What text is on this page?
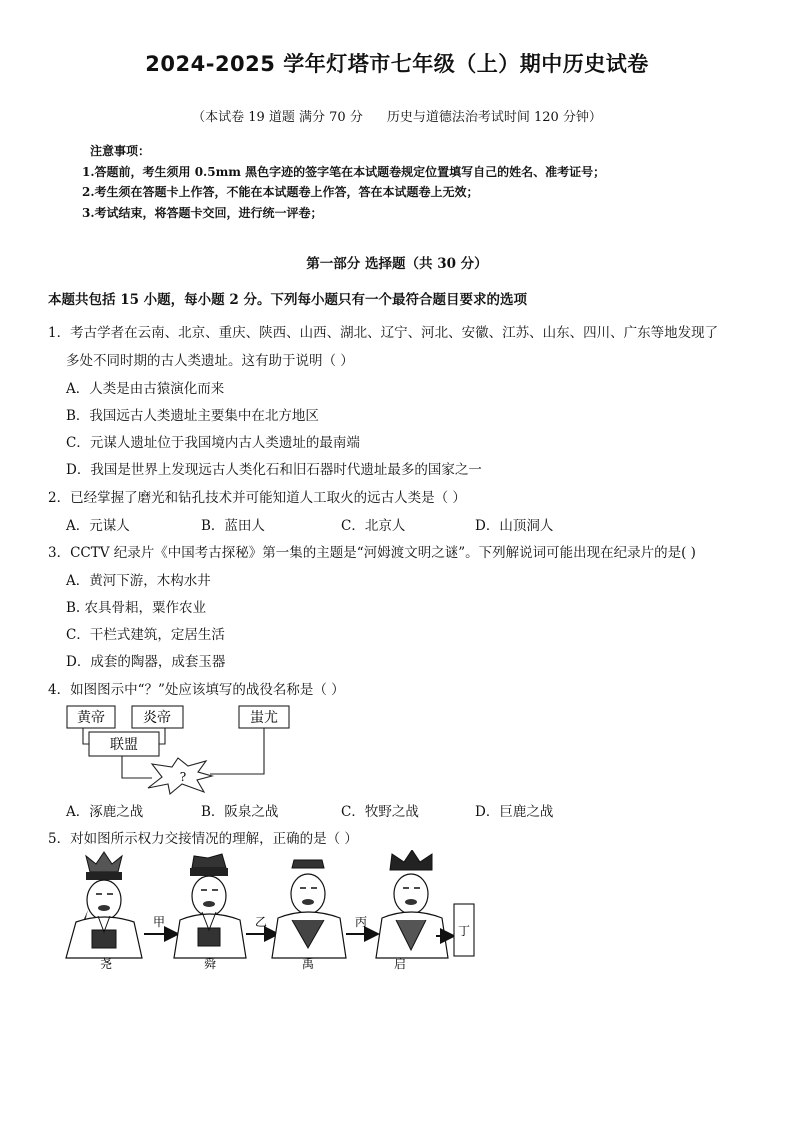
2024-2025 学年灯塔市七年级（上）期中历史试卷
（本试卷 19 道题 满分 70 分 历史与道德法治考试时间 120 分钟）
注意事项：
1.答题前，考生须用 0.5mm 黑色字迹的签字笔在本试题卷规定位置填写自己的姓名、准考证号；
2.考生须在答题卡上作答，不能在本试题卷上作答，答在本试题卷上无效；
3.考试结束，将答题卡交回，进行统一评卷；
第一部分 选择题（共 30 分）
本题共包括 15 小题，每小题 2 分。下列每小题只有一个最符合题目要求的选项
1．考古学者在云南、北京、重庆、陕西、山西、湖北、辽宁、河北、安徽、江苏、山东、四川、广东等地发现了
多处不同时期的古人类遗址。这有助于说明（ ）
A．人类是由古猿演化而来
B．我国远古人类遗址主要集中在北方地区
C．元谋人遗址位于我国境内古人类遗址的最南端
D．我国是世界上发现远古人类化石和旧石器时代遗址最多的国家之一
2．已经掌握了磨光和钻孔技术并可能知道人工取火的远古人类是（ ）
A．元谋人	B．蓝田人	C．北京人	D．山顶洞人
3．CCTV 纪录片《中国考古探秘》第一集的主题是“河姆渡文明之谜”。下列解说词可能出现在纪录片的是( )
A．黄河下游，木构水井
B. 农具骨耜，粟作农业
C．干栏式建筑，定居生活
D．成套的陶器，成套玉器
4．如图图示中“？”处应该填写的战役名称是（ ）
黄帝	炎帝	蚩尤
联盟
?
A．涿鹿之战	B．阪泉之战	C．牧野之战	D．巨鹿之战
5．对如图所示权力交接情况的理解，正确的是（ ）
尧
甲
舜
乙
禹
丙
启
丁
